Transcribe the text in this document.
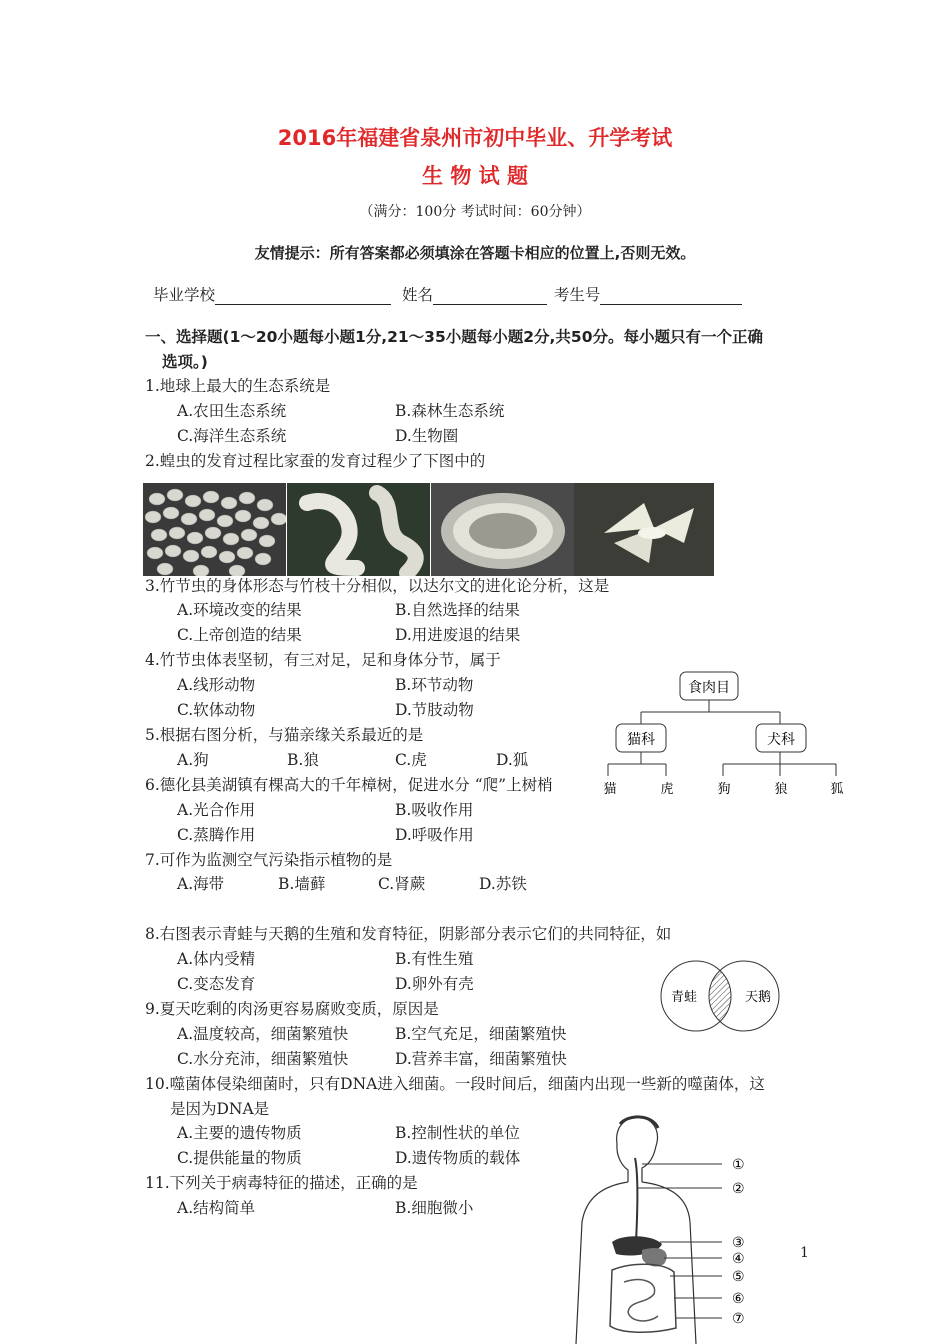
2016年福建省泉州市初中毕业、升学考试
生 物 试 题
（满分：100分 考试时间：60分钟）
友情提示：所有答案都必须填涂在答题卡相应的位置上,否则无效。
毕业学校	姓名	考生号
一、选择题(1～20小题每小题1分,21～35小题每小题2分,共50分。每小题只有一个正确
选项。)
1.地球上最大的生态系统是
A.农田生态系统	B.森林生态系统
C.海洋生态系统	D.生物圈
2.蝗虫的发育过程比家蚕的发育过程少了下图中的
3.竹节虫的身体形态与竹枝十分相似，以达尔文的进化论分析，这是
A.环境改变的结果	B.自然选择的结果
C.上帝创造的结果	D.用进废退的结果
4.竹节虫体表坚韧，有三对足，足和身体分节，属于
A.线形动物	B.环节动物
C.软体动物	D.节肢动物
5.根据右图分析，与猫亲缘关系最近的是
A.狗	B.狼	C.虎	D.狐
6.德化县美湖镇有棵高大的千年樟树，促进水分 “爬”上树梢
A.光合作用	B.吸收作用
C.蒸腾作用	D.呼吸作用
食肉目
猫科	犬科
猫	虎	狗	狼	狐
7.可作为监测空气污染指示植物的是
A.海带	B.墙藓	C.肾蕨	D.苏铁
8.右图表示青蛙与天鹅的生殖和发育特征，阴影部分表示它们的共同特征，如
A.体内受精	B.有性生殖
C.变态发育	D.卵外有壳
青蛙	天鹅
9.夏天吃剩的肉汤更容易腐败变质，原因是
A.温度较高，细菌繁殖快	B.空气充足，细菌繁殖快
C.水分充沛，细菌繁殖快	D.营养丰富，细菌繁殖快
10.噬菌体侵染细菌时，只有DNA进入细菌。一段时间后，细菌内出现一些新的噬菌体，这
是因为DNA是
A.主要的遗传物质	B.控制性状的单位
C.提供能量的物质	D.遗传物质的载体
11.下列关于病毒特征的描述，正确的是
A.结构简单	B.细胞微小
①
②
③
④
⑤
⑥
⑦
1
